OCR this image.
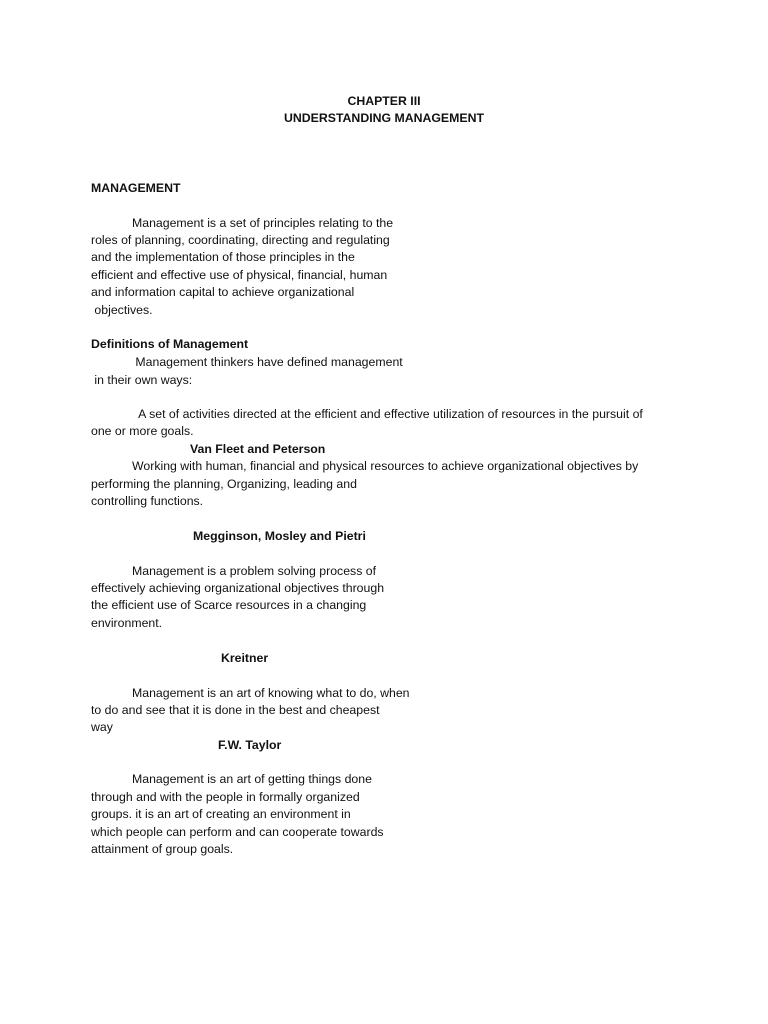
CHAPTER III
UNDERSTANDING MANAGEMENT
MANAGEMENT
Management is a set of principles relating to the
roles of planning, coordinating, directing and regulating
and the implementation of those principles in the
efficient and effective use of physical, financial, human
and information capital to achieve organizational
objectives.
Definitions of Management
Management thinkers have defined management
in their own ways:
A set of activities directed at the efficient and effective utilization of resources in the pursuit of
one or more goals.
Van Fleet and Peterson
Working with human, financial and physical resources to achieve organizational objectives by
performing the planning, Organizing, leading and
controlling functions.
Megginson, Mosley and Pietri
Management is a problem solving process of
effectively achieving organizational objectives through
the efficient use of Scarce resources in a changing
environment.
Kreitner
Management is an art of knowing what to do, when
to do and see that it is done in the best and cheapest
way
F.W. Taylor
Management is an art of getting things done
through and with the people in formally organized
groups. it is an art of creating an environment in
which people can perform and can cooperate towards
attainment of group goals.
